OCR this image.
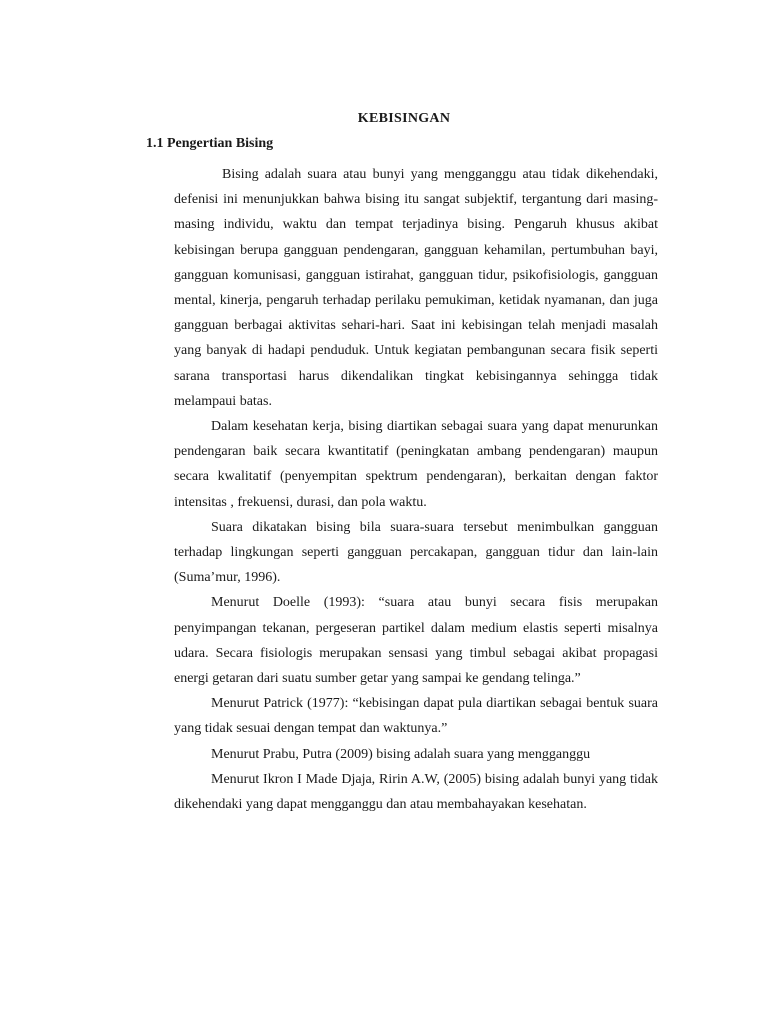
KEBISINGAN
1.1 Pengertian Bising

Bising adalah suara atau bunyi yang mengganggu atau tidak dikehendaki, defenisi ini menunjukkan bahwa bising itu sangat subjektif, tergantung dari masing-masing individu, waktu dan tempat terjadinya bising. Pengaruh khusus akibat kebisingan berupa gangguan pendengaran, gangguan kehamilan, pertumbuhan bayi, gangguan komunisasi, gangguan istirahat, gangguan tidur, psikofisiologis, gangguan mental, kinerja, pengaruh terhadap perilaku pemukiman, ketidak nyamanan, dan juga gangguan berbagai aktivitas sehari-hari. Saat ini kebisingan telah menjadi masalah yang banyak di hadapi penduduk. Untuk kegiatan pembangunan secara fisik seperti sarana transportasi harus dikendalikan tingkat kebisingannya sehingga tidak melampaui batas.

Dalam kesehatan kerja, bising diartikan sebagai suara yang dapat menurunkan pendengaran baik secara kwantitatif (peningkatan ambang pendengaran) maupun secara kwalitatif (penyempitan spektrum pendengaran), berkaitan dengan faktor intensitas , frekuensi, durasi, dan pola waktu.

Suara dikatakan bising bila suara-suara tersebut menimbulkan gangguan terhadap lingkungan seperti gangguan percakapan, gangguan tidur dan lain-lain (Suma’mur, 1996).

Menurut Doelle (1993): “suara atau bunyi secara fisis merupakan penyimpangan tekanan, pergeseran partikel dalam medium elastis seperti misalnya udara. Secara fisiologis merupakan sensasi yang timbul sebagai akibat propagasi energi getaran dari suatu sumber getar yang sampai ke gendang telinga.”

Menurut Patrick (1977): “kebisingan dapat pula diartikan sebagai bentuk suara yang tidak sesuai dengan tempat dan waktunya.”

Menurut Prabu, Putra (2009) bising adalah suara yang mengganggu

Menurut Ikron I Made Djaja, Ririn A.W, (2005) bising adalah bunyi yang tidak dikehendaki yang dapat mengganggu dan atau membahayakan kesehatan.
